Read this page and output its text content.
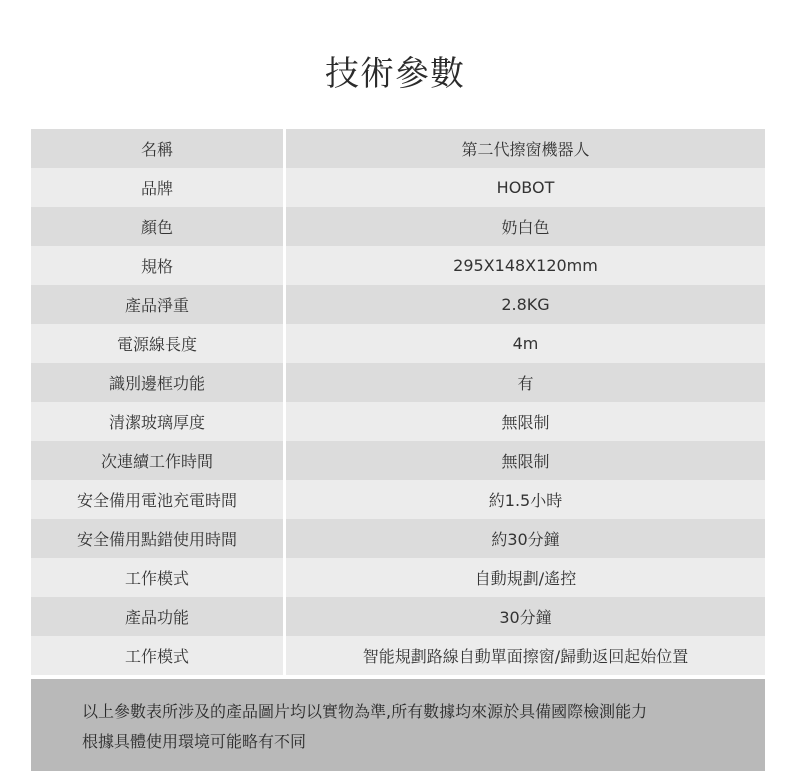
技術參數
名稱	第二代擦窗機器人
品牌	HOBOT
顏色	奶白色
規格	295X148X120mm
產品淨重	2.8KG
電源線長度	4m
識別邊框功能	有
清潔玻璃厚度	無限制
次連續工作時間	無限制
安全備用電池充電時間	約1.5小時
安全備用點錯使用時間	約30分鐘
工作模式	自動規劃/遙控
產品功能	30分鐘
工作模式	智能規劃路線自動單面擦窗/歸動返回起始位置
以上參數表所涉及的產品圖片均以實物為準,所有數據均來源於具備國際檢測能力
根據具體使用環境可能略有不同
